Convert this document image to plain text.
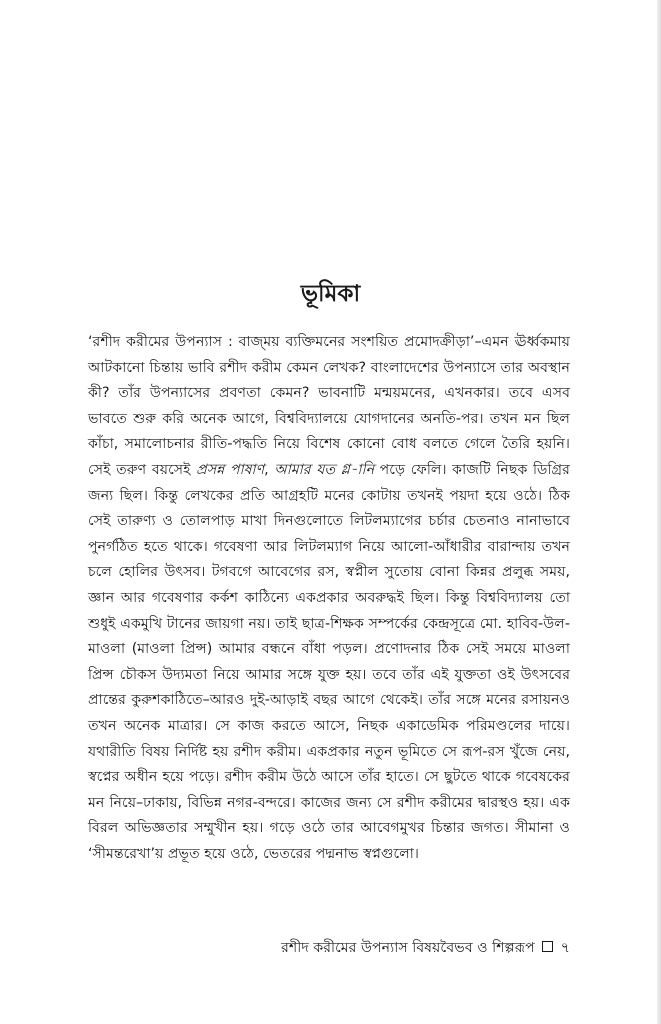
ভূমিকা

‘রশীদ করীমের উপন্যাস : বাজ্ময় ব্যক্তিমনের সংশয়িত প্রমোদক্রীড়া’–এমন ঊর্ধ্বকমায় আটকানো চিন্তায় ভাবি রশীদ করীম কেমন লেখক? বাংলাদেশের উপন্যাসে তার অবস্থান কী? তাঁর উপন্যাসের প্রবণতা কেমন? ভাবনাটি মন্ময়মনের, এখনকার। তবে এসব ভাবতে শুরু করি অনেক আগে, বিশ্ববিদ্যালয়ে যোগদানের অনতি-পর। তখন মন ছিল কাঁচা, সমালোচনার রীতি-পদ্ধতি নিয়ে বিশেষ কোনো বোধ বলতে গেলে তৈরি হয়নি। সেই তরুণ বয়সেই প্রসন্ন পাষাণ, আমার যত গ্ল-ানি পড়ে ফেলি। কাজটি নিছক ডিগ্রির জন্য ছিল। কিন্তু লেখকের প্রতি আগ্রহটি মনের কোটায় তখনই পয়দা হয়ে ওঠে। ঠিক সেই তারুণ্য ও তোলপাড় মাখা দিনগুলোতে লিটলম্যাগের চর্চার চেতনাও নানাভাবে পুনর্গঠিত হতে থাকে। গবেষণা আর লিটলম্যাগ নিয়ে আলো-আঁধারীর বারান্দায় তখন চলে হোলির উৎসব। টগবগে আবেগের রস, স্বপ্নীল সুতোয় বোনা কিন্নর প্রলুব্ধ সময়, জ্ঞান আর গবেষণার কর্কশ কাঠিন্যে একপ্রকার অবরুদ্ধই ছিল। কিন্তু বিশ্ববিদ্যালয় তো শুধুই একমুখি টানের জায়গা নয়। তাই ছাত্র-শিক্ষক সম্পর্কের কেন্দ্রসূত্রে মো. হাবিব-উল-মাওলা (মাওলা প্রিন্স) আমার বন্ধনে বাঁধা পড়ল। প্রণোদনার ঠিক সেই সময়ে মাওলা প্রিন্স চৌকস উদ্যমতা নিয়ে আমার সঙ্গে যুক্ত হয়। তবে তাঁর এই যুক্ততা ওই উৎসবের প্রান্তের কুরুশকাঠিতে–আরও দুই-আড়াই বছর আগে থেকেই। তাঁর সঙ্গে মনের রসায়নও তখন অনেক মাত্রার। সে কাজ করতে আসে, নিছক একাডেমিক পরিমণ্ডলের দায়ে। যথারীতি বিষয় নির্দিষ্ট হয় রশীদ করীম। একপ্রকার নতুন ভূমিতে সে রূপ-রস খুঁজে নেয়, স্বপ্নের অধীন হয়ে পড়ে। রশীদ করীম উঠে আসে তাঁর হাতে। সে ছুটতে থাকে গবেষকের মন নিয়ে–ঢাকায়, বিভিন্ন নগর-বন্দরে। কাজের জন্য সে রশীদ করীমের দ্বারস্থও হয়। এক বিরল অভিজ্ঞতার সম্মুখীন হয়। গড়ে ওঠে তার আবেগমুখর চিন্তার জগত। সীমানা ও ‘সীমন্তরেখা’য় প্রভূত হয়ে ওঠে, ভেতরের পদ্মনাভ স্বপ্নগুলো।

রশীদ করীমের উপন্যাস বিষয়বৈভব ও শিল্পরূপ ৭
